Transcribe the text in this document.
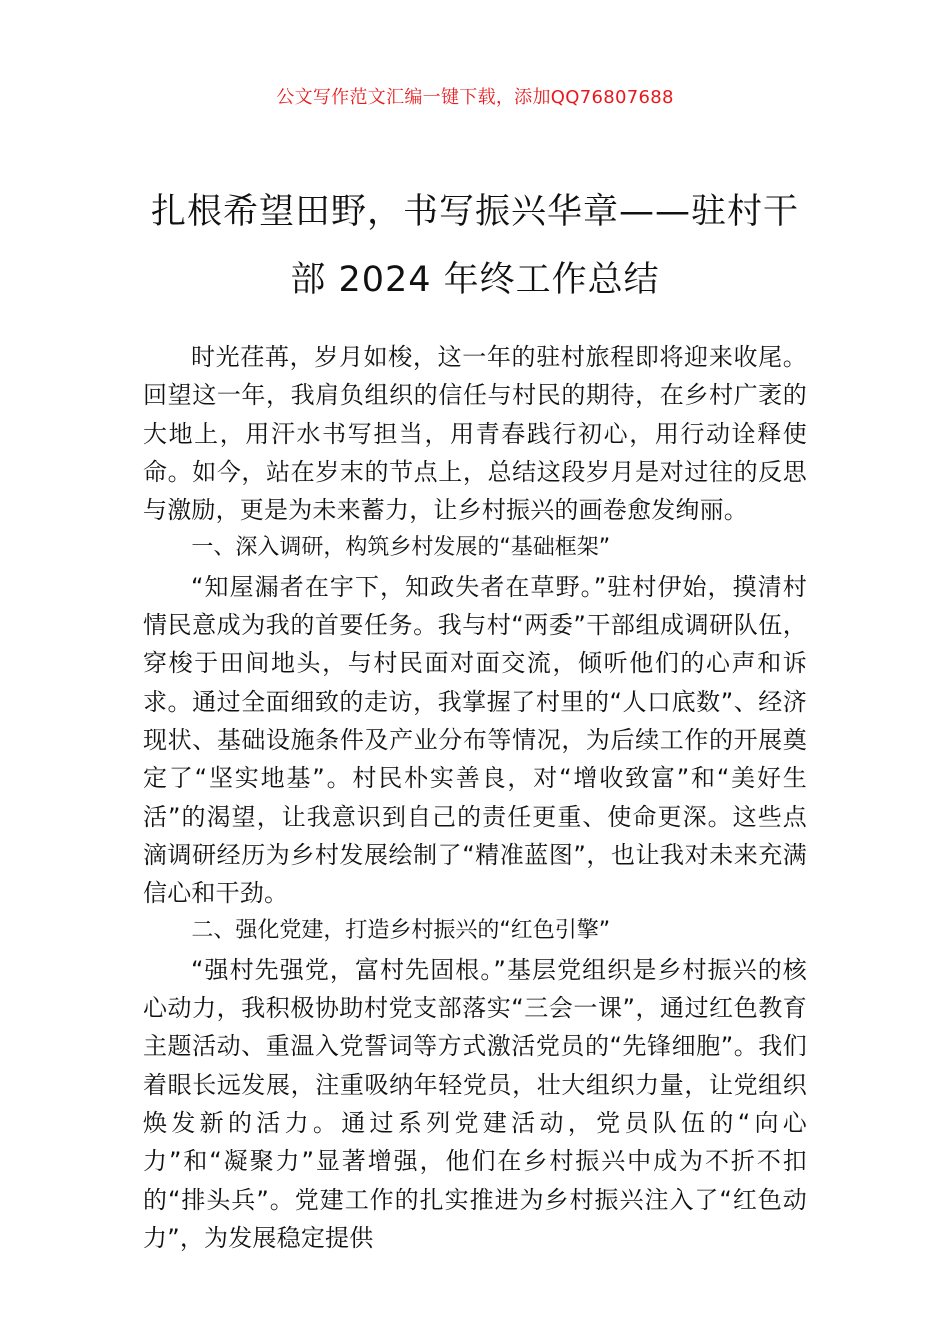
公文写作范文汇编一键下载，添加QQ76807688
扎根希望田野，书写振兴华章——驻村干
部 2024 年终工作总结

时光荏苒，岁月如梭，这一年的驻村旅程即将迎来收尾。回望这一年，我肩负组织的信任与村民的期待，在乡村广袤的大地上，用汗水书写担当，用青春践行初心，用行动诠释使命。如今，站在岁末的节点上，总结这段岁月是对过往的反思与激励，更是为未来蓄力，让乡村振兴的画卷愈发绚丽。

一、深入调研，构筑乡村发展的“基础框架”

“知屋漏者在宇下，知政失者在草野。”驻村伊始，摸清村情民意成为我的首要任务。我与村“两委”干部组成调研队伍，穿梭于田间地头，与村民面对面交流，倾听他们的心声和诉求。通过全面细致的走访，我掌握了村里的“人口底数”、经济现状、基础设施条件及产业分布等情况，为后续工作的开展奠定了“坚实地基”。村民朴实善良，对“增收致富”和“美好生活”的渴望，让我意识到自己的责任更重、使命更深。这些点滴调研经历为乡村发展绘制了“精准蓝图”，也让我对未来充满信心和干劲。

二、强化党建，打造乡村振兴的“红色引擎”

“强村先强党，富村先固根。”基层党组织是乡村振兴的核心动力，我积极协助村党支部落实“三会一课”，通过红色教育主题活动、重温入党誓词等方式激活党员的“先锋细胞”。我们着眼长远发展，注重吸纳年轻党员，壮大组织力量，让党组织焕发新的活力。通过系列党建活动，党员队伍的“向心力”和“凝聚力”显著增强，他们在乡村振兴中成为不折不扣的“排头兵”。党建工作的扎实推进为乡村振兴注入了“红色动力”，为发展稳定提供
